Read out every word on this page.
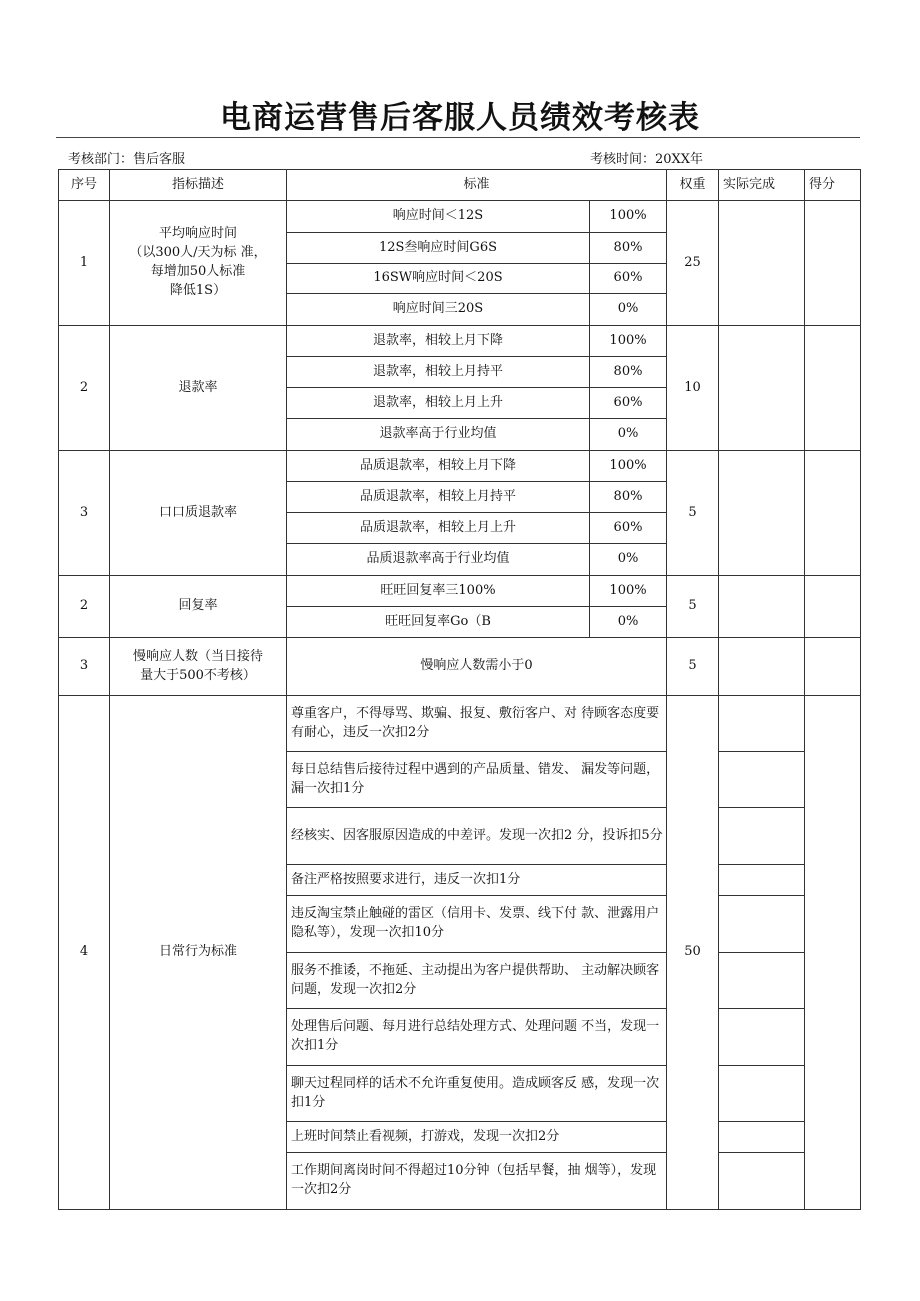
电商运营售后客服人员绩效考核表
考核部门：售后客服	考核时间：20XX年
序号	指标描述	标准		权重	实际完成	得分
1	平均响应时间
（以300人/天为标 准，
每增加50人标准
降低1S）	响应时间＜12S	100%	25		
		12S叁响应时间G6S	80%			
		16SW响应时间＜20S	60%			
		响应时间三20S	0%			
2	退款率	退款率，相较上月下降	100%	10		
		退款率，相较上月持平	80%			
		退款率，相较上月上升	60%			
		退款率高于行业均值	0%			
3	口口质退款率	品质退款率，相较上月下降	100%	5		
		品质退款率，相较上月持平	80%			
		品质退款率，相较上月上升	60%			
		品质退款率高于行业均值	0%			
2	回复率	旺旺回复率三100%	100%	5		
		旺旺回复率Go（B	0%			
3	慢响应人数（当日接待
量大于500不考核）	慢响应人数需小于0		5		
4	日常行为标准	尊重客户，不得辱骂、欺骗、报复、敷衍客户、对 待顾客态度要有耐心，违反一次扣2分		50		
		每日总结售后接待过程中遇到的产品质量、错发、 漏发等问题，漏一次扣1分				
		经核实、因客服原因造成的中差评。发现一次扣2 分，投诉扣5分				
		备注严格按照要求进行，违反一次扣1分				
		违反淘宝禁止触碰的雷区（信用卡、发票、线下付 款、泄露用户隐私等），发现一次扣10分				
		服务不推诿，不拖延、主动提出为客户提供帮助、 主动解决顾客问题，发现一次扣2分				
		处理售后问题、每月进行总结处理方式、处理问题 不当，发现一次扣1分				
		聊天过程同样的话术不允许重复使用。造成顾客反 感，发现一次扣1分				
		上班时间禁止看视频，打游戏，发现一次扣2分				
		工作期间离岗时间不得超过10分钟（包括早餐，抽 烟等），发现一次扣2分				
